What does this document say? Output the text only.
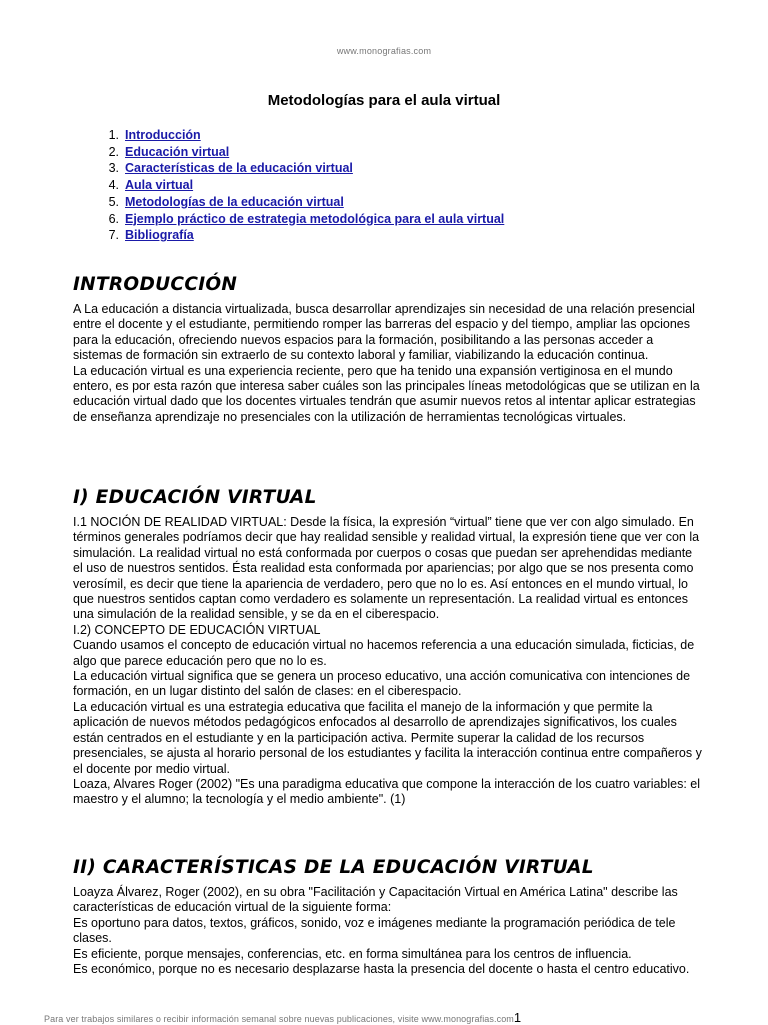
www.monografias.com
Metodologías para el aula virtual
1. Introducción
2. Educación virtual
3. Características de la educación virtual
4. Aula virtual
5. Metodologías de la educación virtual
6. Ejemplo práctico de estrategia metodológica para el aula virtual
7. Bibliografía
INTRODUCCIÓN

A La educación a distancia virtualizada, busca desarrollar aprendizajes sin necesidad de una relación presencial entre el docente y el estudiante, permitiendo romper las barreras del espacio y del tiempo, ampliar las opciones para la educación, ofreciendo nuevos espacios para la formación, posibilitando a las personas acceder a sistemas de formación sin extraerlo de su contexto laboral y familiar, viabilizando la educación continua.

La educación virtual es una experiencia reciente, pero que ha tenido una expansión vertiginosa en el mundo entero, es por esta razón que interesa saber cuáles son las principales líneas metodológicas que se utilizan en la educación virtual dado que los docentes virtuales tendrán que asumir nuevos retos al intentar aplicar estrategias de enseñanza aprendizaje no presenciales con la utilización de herramientas tecnológicas virtuales.

I) EDUCACIÓN VIRTUAL

I.1 NOCIÓN DE REALIDAD VIRTUAL: Desde la física, la expresión “virtual” tiene que ver con algo simulado. En términos generales podríamos decir que hay realidad sensible y realidad virtual, la expresión tiene que ver con la simulación. La realidad virtual no está conformada por cuerpos o cosas que puedan ser aprehendidas mediante el uso de nuestros sentidos. Ésta realidad esta conformada por apariencias; por algo que se nos presenta como verosímil, es decir que tiene la apariencia de verdadero, pero que no lo es. Así entonces en el mundo virtual, lo que nuestros sentidos captan como verdadero es solamente un representación. La realidad virtual es entonces una simulación de la realidad sensible, y se da en el ciberespacio.

I.2) CONCEPTO DE EDUCACIÓN VIRTUAL

Cuando usamos el concepto de educación virtual no hacemos referencia a una educación simulada, ficticias, de algo que parece educación pero que no lo es.

La educación virtual significa que se genera un proceso educativo, una acción comunicativa con intenciones de formación, en un lugar distinto del salón de clases: en el ciberespacio.

La educación virtual es una estrategia educativa que facilita el manejo de la información y que permite la aplicación de nuevos métodos pedagógicos enfocados al desarrollo de aprendizajes significativos, los cuales están centrados en el estudiante y en la participación activa. Permite superar la calidad de los recursos presenciales, se ajusta al horario personal de los estudiantes y facilita la interacción continua entre compañeros y el docente por medio virtual.

Loaza, Alvares Roger (2002) "Es una paradigma educativa que compone la interacción de los cuatro variables: el maestro y el alumno; la tecnología y el medio ambiente". (1)

II) CARACTERÍSTICAS DE LA EDUCACIÓN VIRTUAL

Loayza Álvarez, Roger (2002), en su obra "Facilitación y Capacitación Virtual en América Latina" describe las características de educación virtual de la siguiente forma:

Es oportuno para datos, textos, gráficos, sonido, voz e imágenes mediante la programación periódica de tele clases.

Es eficiente, porque mensajes, conferencias, etc. en forma simultánea para los centros de influencia.

Es económico, porque no es necesario desplazarse hasta la presencia del docente o hasta el centro educativo.

Para ver trabajos similares o recibir información semanal sobre nuevas publicaciones, visite www.monografias.com1
